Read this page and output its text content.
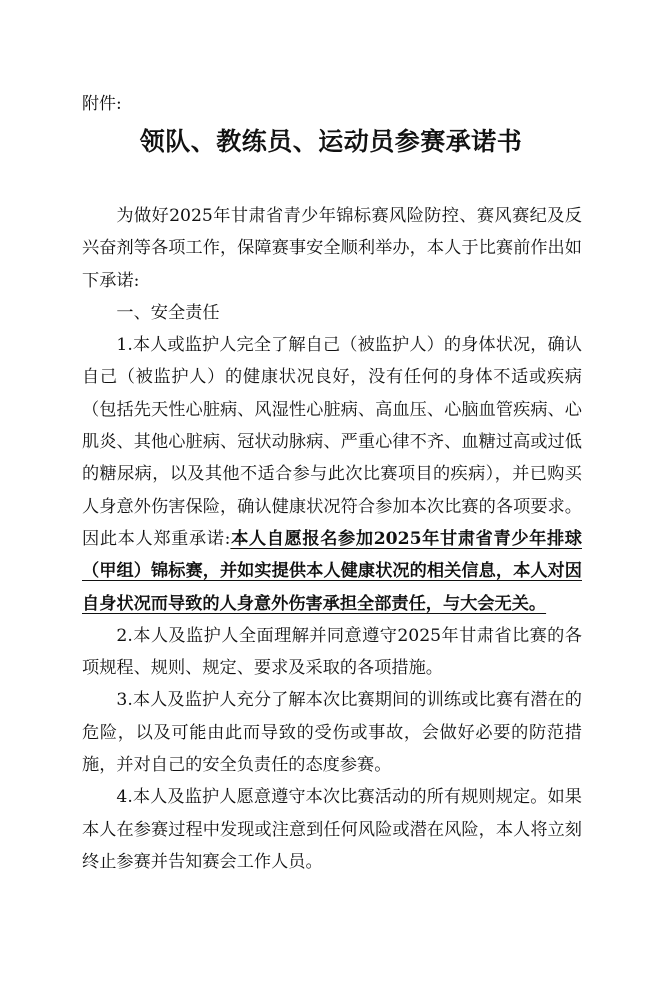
附件:
领队、教练员、运动员参赛承诺书

为做好2025年甘肃省青少年锦标赛风险防控、赛风赛纪及反兴奋剂等各项工作，保障赛事安全顺利举办，本人于比赛前作出如下承诺:

一、安全责任

1.本人或监护人完全了解自己（被监护人）的身体状况，确认自己（被监护人）的健康状况良好，没有任何的身体不适或疾病（包括先天性心脏病、风湿性心脏病、高血压、心脑血管疾病、心肌炎、其他心脏病、冠状动脉病、严重心律不齐、血糖过高或过低的糖尿病，以及其他不适合参与此次比赛项目的疾病），并已购买人身意外伤害保险，确认健康状况符合参加本次比赛的各项要求。因此本人郑重承诺:本人自愿报名参加2025年甘肃省青少年排球（甲组）锦标赛，并如实提供本人健康状况的相关信息，本人对因自身状况而导致的人身意外伤害承担全部责任，与大会无关。

2.本人及监护人全面理解并同意遵守2025年甘肃省比赛的各项规程、规则、规定、要求及采取的各项措施。

3.本人及监护人充分了解本次比赛期间的训练或比赛有潜在的危险，以及可能由此而导致的受伤或事故，会做好必要的防范措施，并对自己的安全负责任的态度参赛。

4.本人及监护人愿意遵守本次比赛活动的所有规则规定。如果本人在参赛过程中发现或注意到任何风险或潜在风险，本人将立刻终止参赛并告知赛会工作人员。
